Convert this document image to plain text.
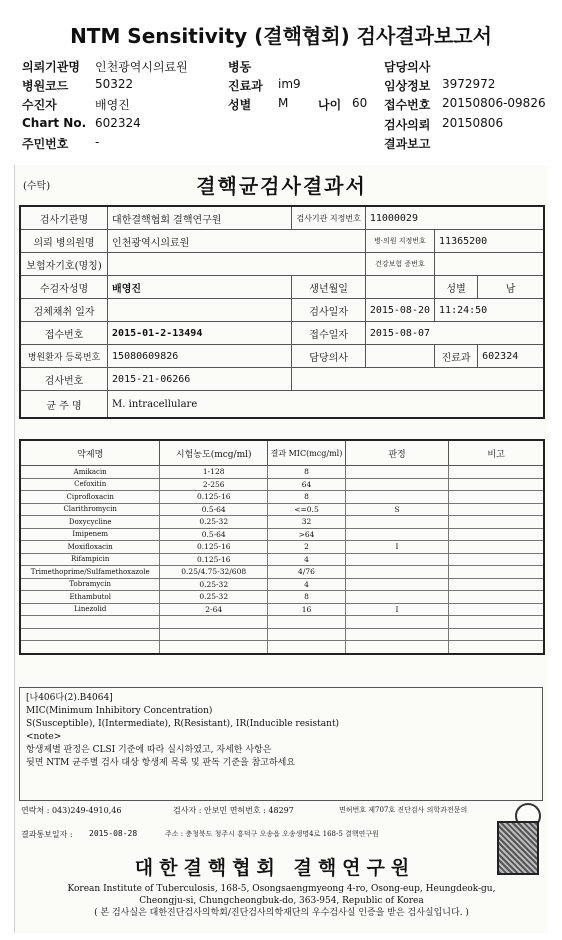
NTM Sensitivity (결핵협회) 검사결과보고서
의뢰기관명 인천광역시의료원	병동	담당의사
병원코드 50322	진료과 im9	임상정보 3972972
수진자	배영진	성별 M 나이 60 접수번호 20150806-09826
Chart No. 602324	검사의뢰 20150806
주민번호 -	결과보고
(수탁)	결핵균검사결과서
검사기관명	대한결핵협회 결핵연구원	검사기관 지정번호	11000029		
의뢰 병의원명	인천광역시의료원		병·의원 지정번호	11365200	
보험자기호(명칭)			건강보험 증번호		
수검자성명	배영진	생년월일		성별	남
검체채취 일자		검사일자	2015-08-20	11:24:50	
접수번호	2015-01-2-13494	접수일자	2015-08-07		
병원환자 등록번호	15080609826	담당의사		진료과	602324
검사번호	2015-21-06266				
균 주 명	M. intracellulare				
약제명	시험농도(mcg/ml)	결과 MIC(mcg/ml)	판정	비고
Amikacin	1-128	8		
Cefoxitin	2-256	64		
Ciprofloxacin	0.125-16	8		
Clarithromycin	0.5-64	<=0.5	S	
Doxycycline	0.25-32	32		
Imipenem	0.5-64	>64		
Moxifloxacin	0.125-16	2	I	
Rifampicin	0.125-16	4		
Trimethoprime/Sulfamethoxazole	0.25/4.75-32/608	4/76		
Tobramycin	0.25-32	4		
Ethambutol	0.25-32	8		
Linezolid	2-64	16	I	

[나406다(2).B4064]
MIC(Minimum Inhibitory Concentration)
S(Susceptible), I(Intermediate), R(Resistant), IR(Inducible resistant)
<note>
항생제별 판정은 CLSI 기준에 따라 실시하였고, 자세한 사항은
뒷면 NTM 균주별 검사 대상 항생제 목록 및 판독 기준을 참고하세요
연락처 : 043)249-4910,46	검사자 : 안보민 면허번호 : 48297	면허번호 제707호 진단검사 의학과전문의
결과통보일자 : 2015-08-28	주소 : 충청북도 청주시 흥덕구 오송읍 오송생명4로 168-5 결핵연구원
대한결핵협회 결핵연구원
Korean Institute of Tuberculosis, 168-5, Osongsaengmyeong 4-ro, Osong-eup, Heungdeok-gu,
Cheongju-si, Chungcheongbuk-do, 363-954, Republic of Korea
( 본 검사실은 대한진단검사의학회/진단검사의학재단의 우수검사실 인증을 받은 검사실입니다. )
